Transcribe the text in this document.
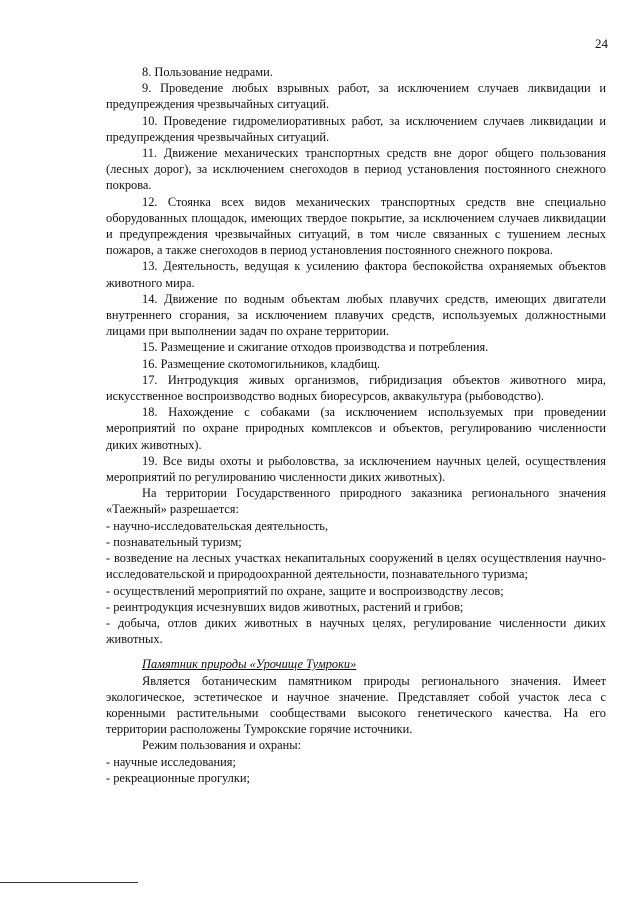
24

8. Пользование недрами.

9. Проведение любых взрывных работ, за исключением случаев ликвидации и предупреждения чрезвычайных ситуаций.

10. Проведение гидромелиоративных работ, за исключением случаев ликвидации и предупреждения чрезвычайных ситуаций.

11. Движение механических транспортных средств вне дорог общего пользования (лесных дорог), за исключением снегоходов в период установления постоянного снежного покрова.

12. Стоянка всех видов механических транспортных средств вне специально оборудованных площадок, имеющих твердое покрытие, за исключением случаев ликвидации и предупреждения чрезвычайных ситуаций, в том числе связанных с тушением лесных пожаров, а также снегоходов в период установления постоянного снежного покрова.

13. Деятельность, ведущая к усилению фактора беспокойства охраняемых объектов животного мира.

14. Движение по водным объектам любых плавучих средств, имеющих двигатели внутреннего сгорания, за исключением плавучих средств, используемых должностными лицами при выполнении задач по охране территории.

15. Размещение и сжигание отходов производства и потребления.

16. Размещение скотомогильников, кладбищ.

17. Интродукция живых организмов, гибридизация объектов животного мира, искусственное воспроизводство водных биоресурсов, аквакультура (рыбоводство).

18. Нахождение с собаками (за исключением используемых при проведении мероприятий по охране природных комплексов и объектов, регулированию численности диких животных).

19. Все виды охоты и рыболовства, за исключением научных целей, осуществления мероприятий по регулированию численности диких животных).

На территории Государственного природного заказника регионального значения «Таежный» разрешается:

- научно-исследовательская деятельность,

- познавательный туризм;

- возведение на лесных участках некапитальных сооружений в целях осуществления научно-исследовательской и природоохранной деятельности, познавательного туризма;

- осуществлений мероприятий по охране, защите и воспроизводству лесов;

- реинтродукция исчезнувших видов животных, растений и грибов;

- добыча, отлов диких животных в научных целях, регулирование численности диких животных.

Памятник природы «Урочище Тумроки»

Является ботаническим памятником природы регионального значения. Имеет экологическое, эстетическое и научное значение. Представляет собой участок леса с коренными растительными сообществами высокого генетического качества. На его территории расположены Тумрокские горячие источники.

Режим пользования и охраны:

- научные исследования;

- рекреационные прогулки;
